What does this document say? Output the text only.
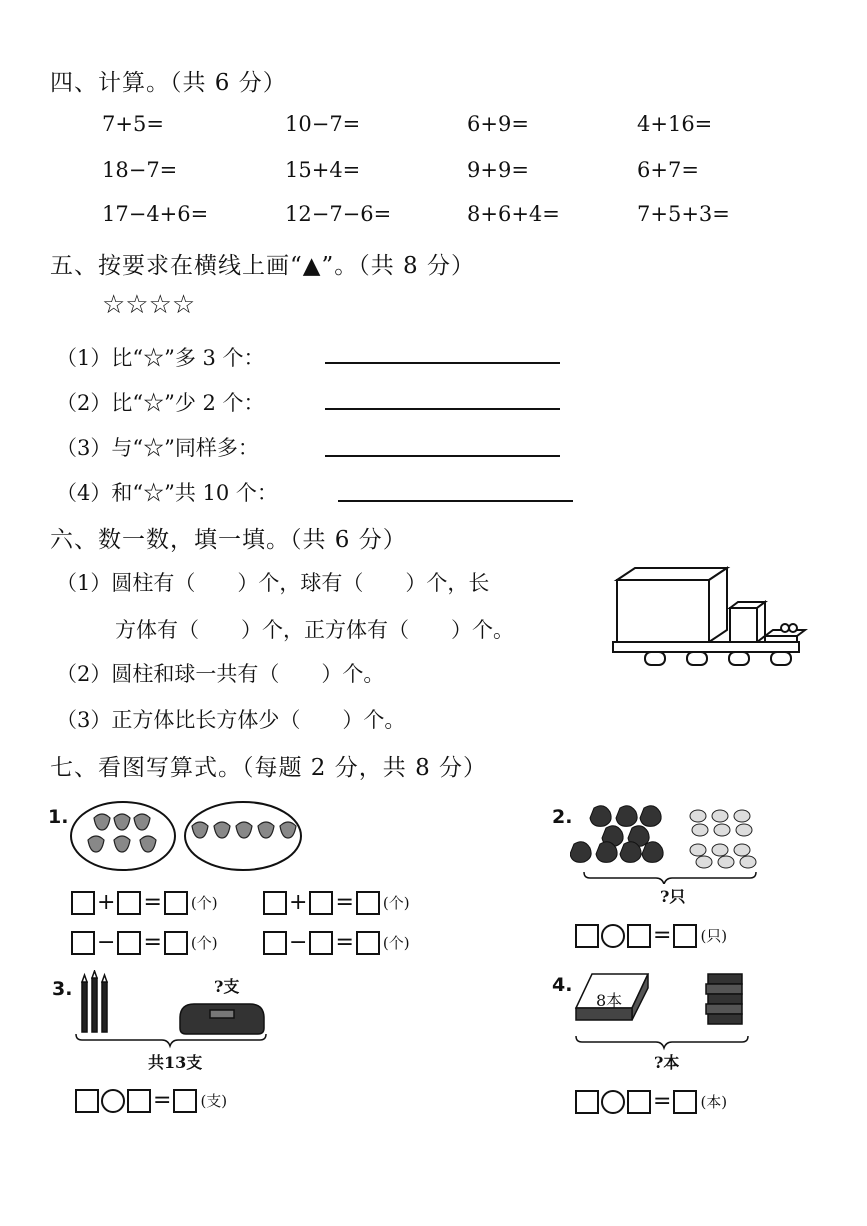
四、计算。（共 6 分）
7+5=	10−7=	6+9=	4+16=
18−7=	15+4=	9+9=	6+7=
17−4+6=	12−7−6=	8+6+4=	7+5+3=
五、按要求在横线上画“▲”。（共 8 分）
☆☆☆☆
（1）比“☆”多 3 个：
（2）比“☆”少 2 个：
（3）与“☆”同样多：
（4）和“☆”共 10 个：
六、数一数，填一填。（共 6 分）
（1）圆柱有（　　）个，球有（　　）个，长
方体有（　　）个，正方体有（　　）个。
（2）圆柱和球一共有（　　）个。
（3）正方体比长方体少（　　）个。
七、看图写算式。（每题 2 分，共 8 分）
1.
+ = (个)	+ = (个)
− = (个)	− = (个)
2.
?只
= (只)
3.	?支
共13支
= (支)
4.
8本
?本
= (本)
